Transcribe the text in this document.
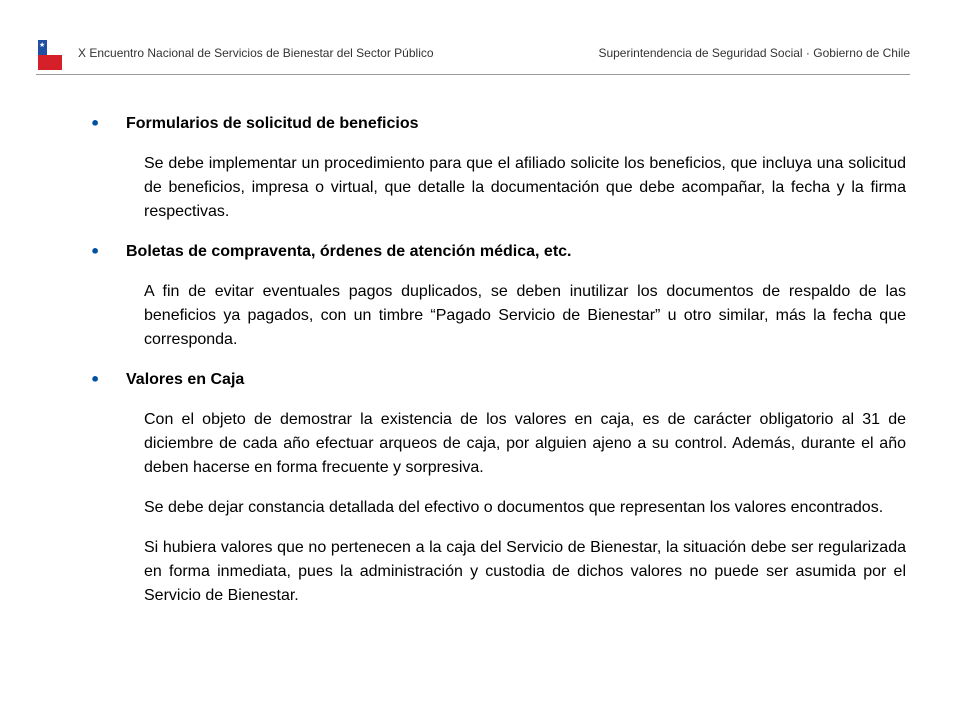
★
X Encuentro Nacional de Servicios de Bienestar del Sector Público	Superintendencia de Seguridad Social · Gobierno de Chile
• Formularios de solicitud de beneficios

Se debe implementar un procedimiento para que el afiliado solicite los beneficios, que incluya una solicitud de beneficios, impresa o virtual, que detalle la documentación que debe acompañar, la fecha y la firma respectivas.

• Boletas de compraventa, órdenes de atención médica, etc.

A fin de evitar eventuales pagos duplicados, se deben inutilizar los documentos de respaldo de las beneficios ya pagados, con un timbre “Pagado Servicio de Bienestar” u otro similar, más la fecha que corresponda.

• Valores en Caja

Con el objeto de demostrar la existencia de los valores en caja, es de carácter obligatorio al 31 de diciembre de cada año efectuar arqueos de caja, por alguien ajeno a su control. Además, durante el año deben hacerse en forma frecuente y sorpresiva.

Se debe dejar constancia detallada del efectivo o documentos que representan los valores encontrados.

Si hubiera valores que no pertenecen a la caja del Servicio de Bienestar, la situación debe ser regularizada en forma inmediata, pues la administración y custodia de dichos valores no puede ser asumida por el Servicio de Bienestar.
